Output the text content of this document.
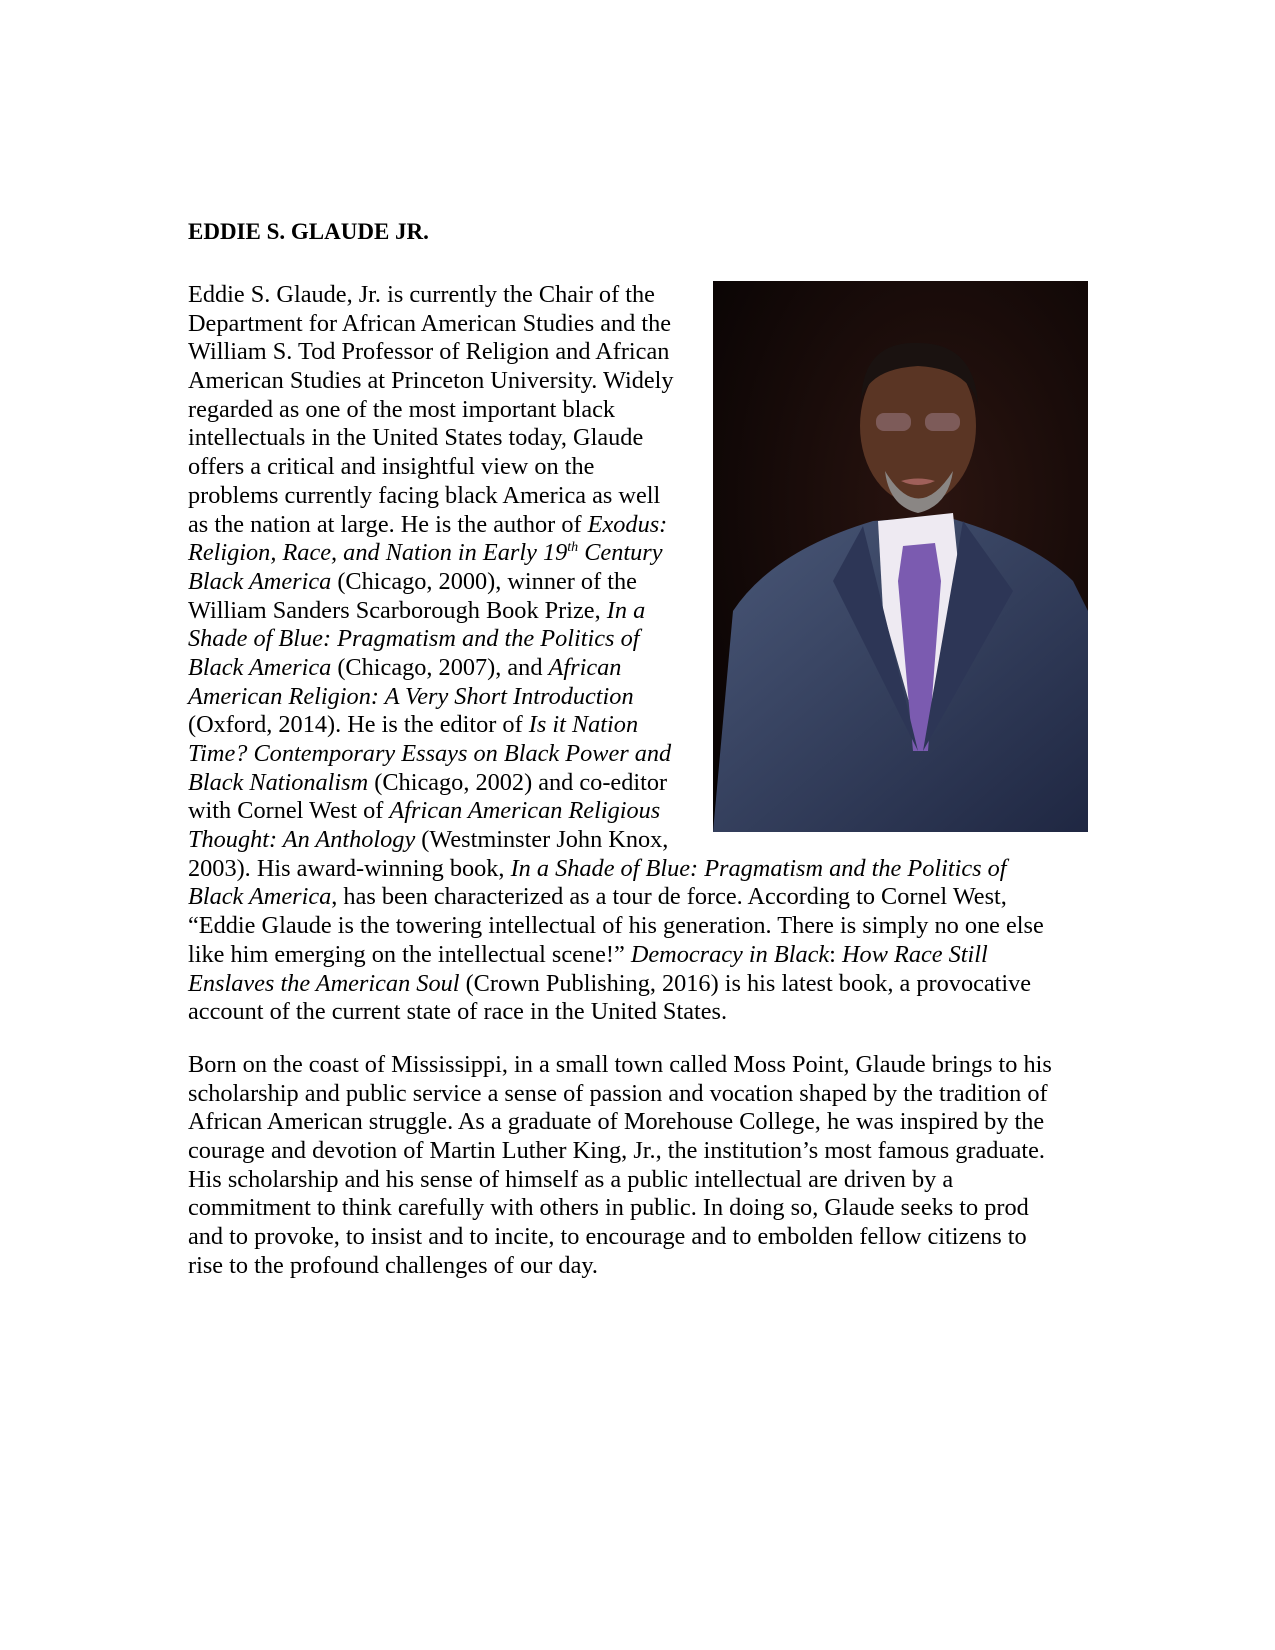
EDDIE S. GLAUDE JR.
Eddie S. Glaude, Jr. is currently the Chair of the
Department for African American Studies and the
William S. Tod Professor of Religion and African
American Studies at Princeton University. Widely
regarded as one of the most important black
intellectuals in the United States today, Glaude
offers a critical and insightful view on the
problems currently facing black America as well
as the nation at large. He is the author of Exodus:
Religion, Race, and Nation in Early 19th Century
Black America (Chicago, 2000), winner of the
William Sanders Scarborough Book Prize, In a
Shade of Blue: Pragmatism and the Politics of
Black America (Chicago, 2007), and African
American Religion: A Very Short Introduction
(Oxford, 2014). He is the editor of Is it Nation
Time? Contemporary Essays on Black Power and
Black Nationalism (Chicago, 2002) and co-editor
with Cornel West of African American Religious
Thought: An Anthology (Westminster John Knox,
2003). His award-winning book, In a Shade of Blue: Pragmatism and the Politics of
Black America, has been characterized as a tour de force. According to Cornel West,
“Eddie Glaude is the towering intellectual of his generation. There is simply no one else
like him emerging on the intellectual scene!” Democracy in Black: How Race Still
Enslaves the American Soul (Crown Publishing, 2016) is his latest book, a provocative
account of the current state of race in the United States.
Born on the coast of Mississippi, in a small town called Moss Point, Glaude brings to his
scholarship and public service a sense of passion and vocation shaped by the tradition of
African American struggle. As a graduate of Morehouse College, he was inspired by the
courage and devotion of Martin Luther King, Jr., the institution’s most famous graduate.
His scholarship and his sense of himself as a public intellectual are driven by a
commitment to think carefully with others in public. In doing so, Glaude seeks to prod
and to provoke, to insist and to incite, to encourage and to embolden fellow citizens to
rise to the profound challenges of our day.
